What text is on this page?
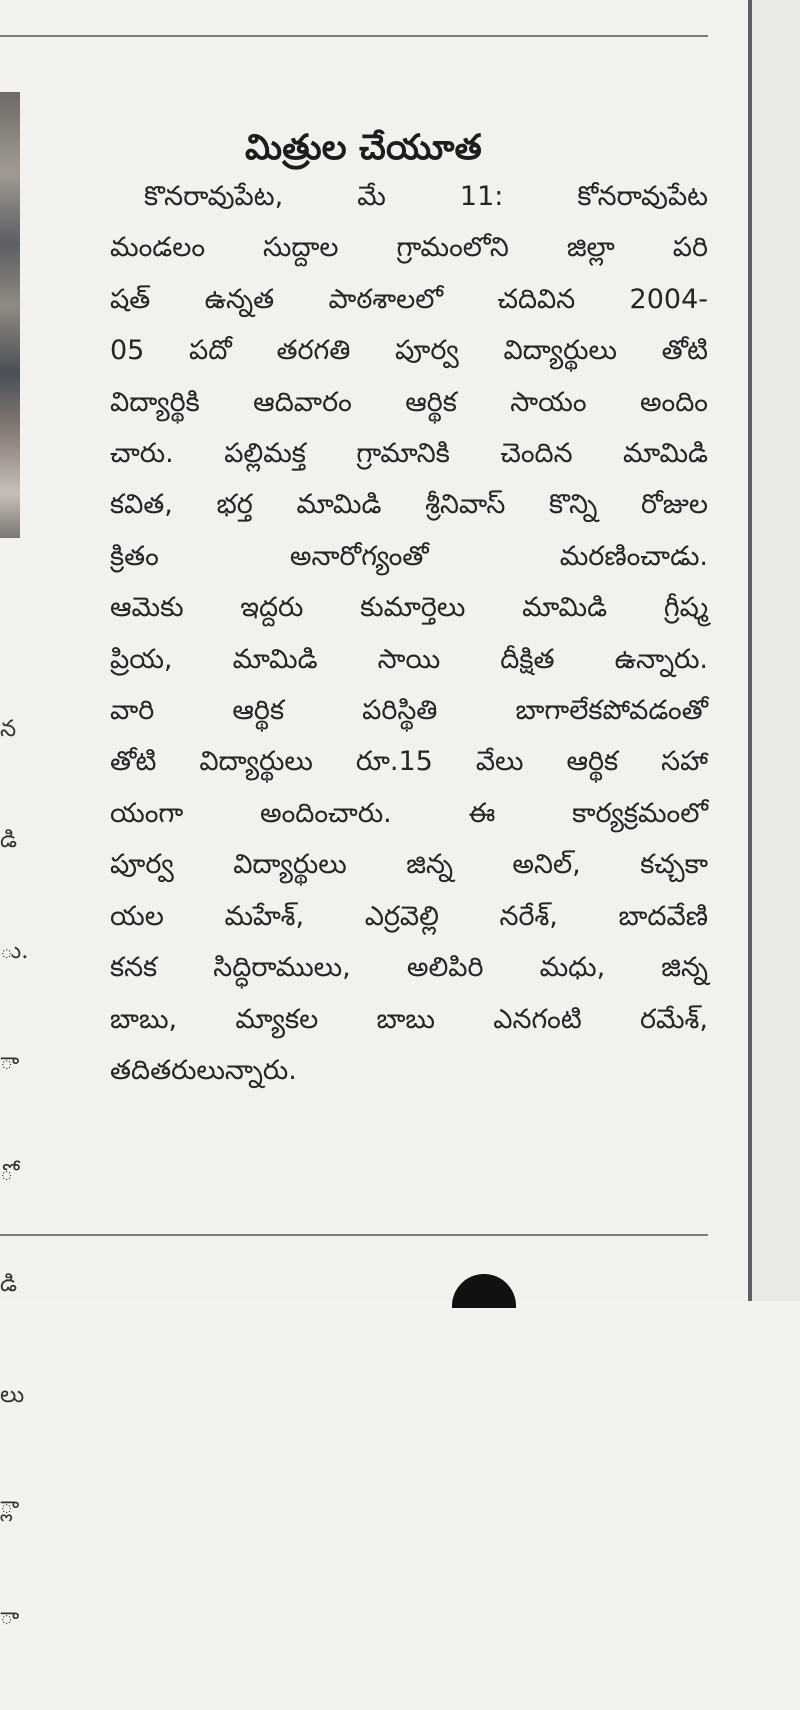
న

డి

ు.

ా

ో

డి

లు

్లా

ా

మిత్రుల చేయూత
కొనరావుపేట, మే 11: కోనరావుపేట
మండలం సుద్దాల గ్రామంలోని జిల్లా పరి
షత్ ఉన్నత పాఠశాలలో చదివిన 2004-
05 పదో తరగతి పూర్వ విద్యార్థులు తోటి
విద్యార్థికి ఆదివారం ఆర్థిక సాయం అందిం
చారు. పల్లిమక్త గ్రామానికి చెందిన మామిడి
కవిత, భర్త మామిడి శ్రీనివాస్ కొన్ని రోజుల
క్రితం అనారోగ్యంతో మరణించాడు.
ఆమెకు ఇద్దరు కుమార్తెలు మామిడి గ్రీష్మ
ప్రియ, మామిడి సాయి దీక్షిత ఉన్నారు.
వారి ఆర్థిక పరిస్థితి బాగాలేకపోవడంతో
తోటి విద్యార్థులు రూ.15 వేలు ఆర్థిక సహా
యంగా అందించారు. ఈ కార్యక్రమంలో
పూర్వ విద్యార్థులు జిన్న అనిల్, కచ్చకా
యల మహేశ్, ఎర్రవెల్లి నరేశ్, బాదవేణి
కనక సిద్ధిరాములు, అలిపిరి మధు, జిన్న
బాబు, మ్యాకల బాబు ఎనగంటి రమేశ్,
తదితరులున్నారు.
